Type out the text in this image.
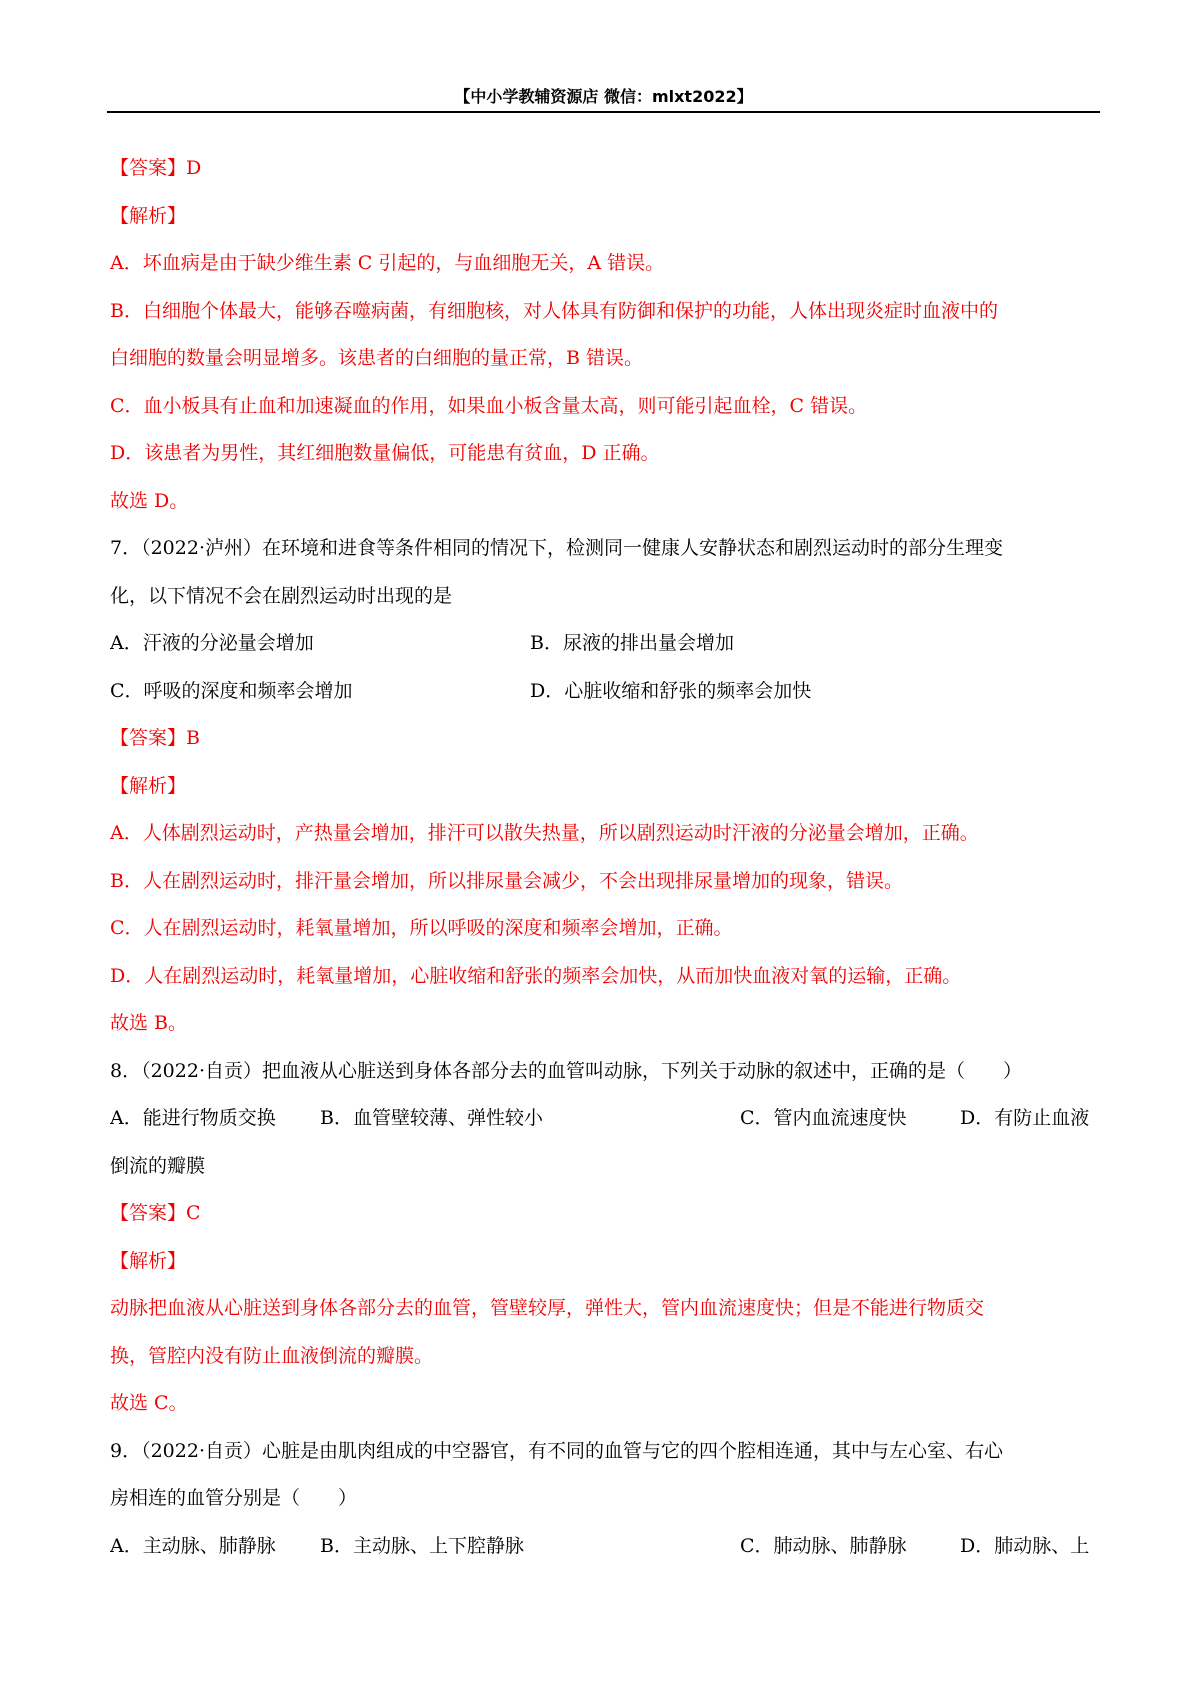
【中小学教辅资源店 微信：mlxt2022】
【答案】D
【解析】
A．坏血病是由于缺少维生素 C 引起的，与血细胞无关，A 错误。
B．白细胞个体最大，能够吞噬病菌，有细胞核，对人体具有防御和保护的功能，人体出现炎症时血液中的
白细胞的数量会明显增多。该患者的白细胞的量正常，B 错误。
C．血小板具有止血和加速凝血的作用，如果血小板含量太高，则可能引起血栓，C 错误。
D．该患者为男性，其红细胞数量偏低，可能患有贫血，D 正确。
故选 D。
7．（2022·泸州）在环境和进食等条件相同的情况下，检测同一健康人安静状态和剧烈运动时的部分生理变
化，以下情况不会在剧烈运动时出现的是
A．汗液的分泌量会增加	B．尿液的排出量会增加
C．呼吸的深度和频率会增加	D．心脏收缩和舒张的频率会加快
【答案】B
【解析】
A．人体剧烈运动时，产热量会增加，排汗可以散失热量，所以剧烈运动时汗液的分泌量会增加，正确。
B．人在剧烈运动时，排汗量会增加，所以排尿量会减少，不会出现排尿量增加的现象，错误。
C．人在剧烈运动时，耗氧量增加，所以呼吸的深度和频率会增加，正确。
D．人在剧烈运动时，耗氧量增加，心脏收缩和舒张的频率会加快，从而加快血液对氧的运输，正确。
故选 B。
8．（2022·自贡）把血液从心脏送到身体各部分去的血管叫动脉，下列关于动脉的叙述中，正确的是（　　）
A．能进行物质交换	B．血管壁较薄、弹性较小	C．管内血流速度快	D．有防止血液
倒流的瓣膜
【答案】C
【解析】
动脉把血液从心脏送到身体各部分去的血管，管壁较厚，弹性大，管内血流速度快；但是不能进行物质交
换，管腔内没有防止血液倒流的瓣膜。
故选 C。
9．（2022·自贡）心脏是由肌肉组成的中空器官，有不同的血管与它的四个腔相连通，其中与左心室、右心
房相连的血管分别是（　　）
A．主动脉、肺静脉	B．主动脉、上下腔静脉	C．肺动脉、肺静脉	D．肺动脉、上
